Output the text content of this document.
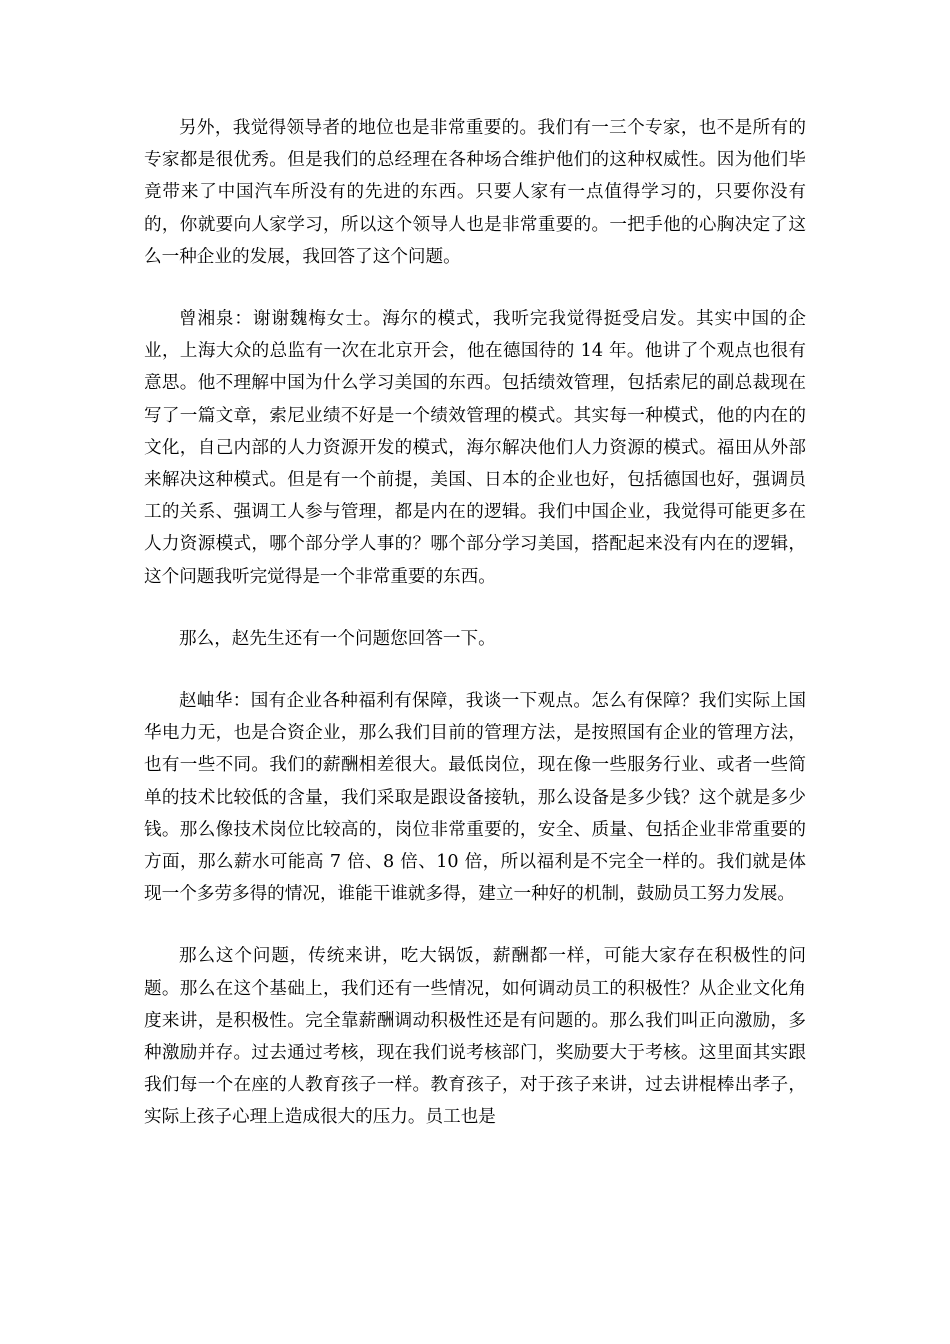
另外，我觉得领导者的地位也是非常重要的。我们有一三个专家，也不是所有的专家都是很优秀。但是我们的总经理在各种场合维护他们的这种权威性。因为他们毕竟带来了中国汽车所没有的先进的东西。只要人家有一点值得学习的，只要你没有的，你就要向人家学习，所以这个领导人也是非常重要的。一把手他的心胸决定了这么一种企业的发展，我回答了这个问题。

曾湘泉：谢谢魏梅女士。海尔的模式，我听完我觉得挺受启发。其实中国的企业，上海大众的总监有一次在北京开会，他在德国待的 14 年。他讲了个观点也很有意思。他不理解中国为什么学习美国的东西。包括绩效管理，包括索尼的副总裁现在写了一篇文章，索尼业绩不好是一个绩效管理的模式。其实每一种模式，他的内在的文化，自己内部的人力资源开发的模式，海尔解决他们人力资源的模式。福田从外部来解决这种模式。但是有一个前提，美国、日本的企业也好，包括德国也好，强调员工的关系、强调工人参与管理，都是内在的逻辑。我们中国企业，我觉得可能更多在人力资源模式，哪个部分学人事的？哪个部分学习美国，搭配起来没有内在的逻辑，这个问题我听完觉得是一个非常重要的东西。

那么，赵先生还有一个问题您回答一下。

赵岫华：国有企业各种福利有保障，我谈一下观点。怎么有保障？我们实际上国华电力无，也是合资企业，那么我们目前的管理方法，是按照国有企业的管理方法，也有一些不同。我们的薪酬相差很大。最低岗位，现在像一些服务行业、或者一些简单的技术比较低的含量，我们采取是跟设备接轨，那么设备是多少钱？这个就是多少钱。那么像技术岗位比较高的，岗位非常重要的，安全、质量、包括企业非常重要的方面，那么薪水可能高 7 倍、8 倍、10 倍，所以福利是不完全一样的。我们就是体现一个多劳多得的情况，谁能干谁就多得，建立一种好的机制，鼓励员工努力发展。

那么这个问题，传统来讲，吃大锅饭，薪酬都一样，可能大家存在积极性的问题。那么在这个基础上，我们还有一些情况，如何调动员工的积极性？从企业文化角度来讲，是积极性。完全靠薪酬调动积极性还是有问题的。那么我们叫正向激励，多种激励并存。过去通过考核，现在我们说考核部门，奖励要大于考核。这里面其实跟我们每一个在座的人教育孩子一样。教育孩子，对于孩子来讲，过去讲棍棒出孝子，实际上孩子心理上造成很大的压力。员工也是
